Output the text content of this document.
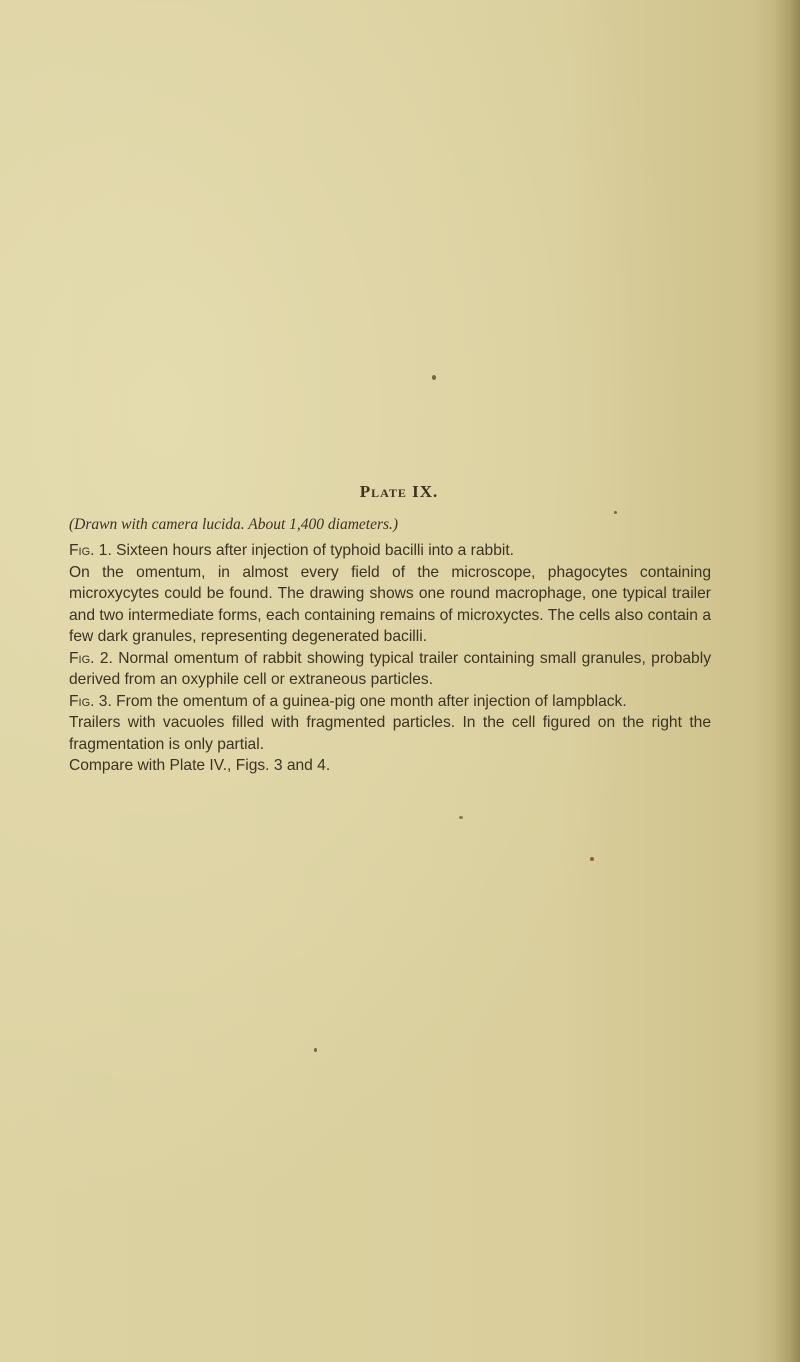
Plate IX.

(Drawn with camera lucida. About 1,400 diameters.)

Fig. 1. Sixteen hours after injection of typhoid bacilli into a rabbit.

On the omentum, in almost every field of the microscope, phagocytes containing microxycytes could be found. The drawing shows one round macrophage, one typical trailer and two intermediate forms, each containing remains of microxyctes. The cells also contain a few dark granules, representing degenerated bacilli.

Fig. 2. Normal omentum of rabbit showing typical trailer containing small granules, probably derived from an oxyphile cell or extraneous particles.

Fig. 3. From the omentum of a guinea-pig one month after injection of lampblack.

Trailers with vacuoles filled with fragmented particles. In the cell figured on the right the fragmentation is only partial.

Compare with Plate IV., Figs. 3 and 4.
